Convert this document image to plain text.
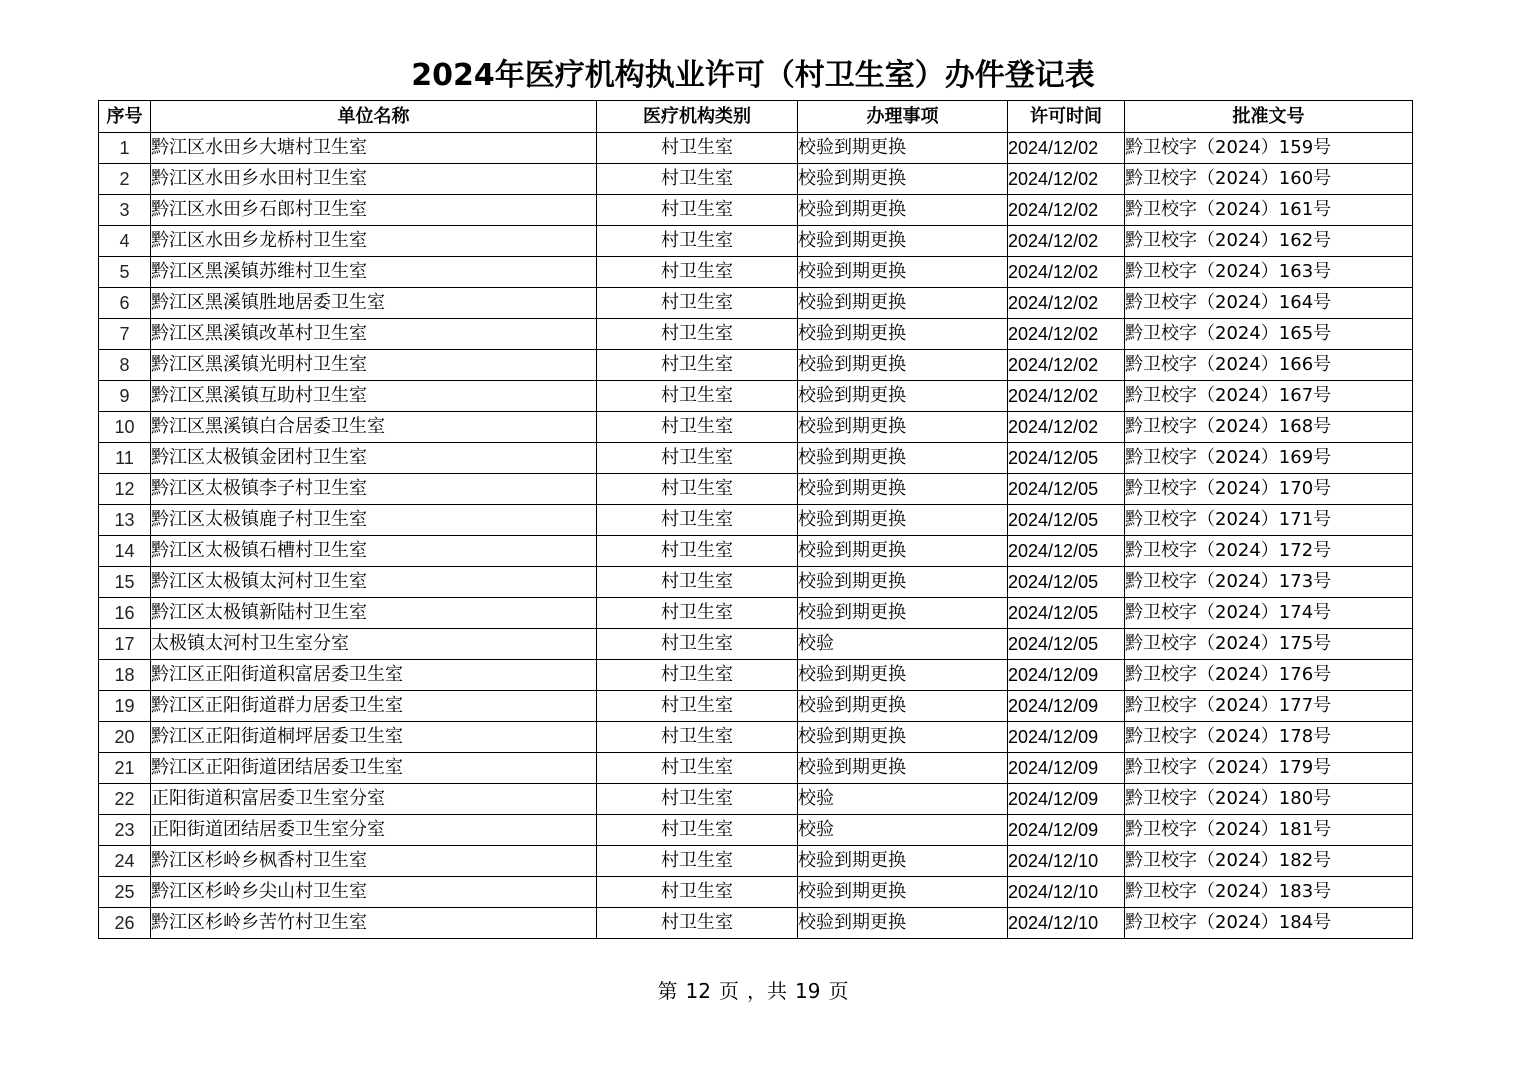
2024年医疗机构执业许可（村卫生室）办件登记表
序号	单位名称	医疗机构类别	办理事项	许可时间	批准文号
1	黔江区水田乡大塘村卫生室	村卫生室	校验到期更换	2024/12/02	黔卫校字（2024）159号
2	黔江区水田乡水田村卫生室	村卫生室	校验到期更换	2024/12/02	黔卫校字（2024）160号
3	黔江区水田乡石郎村卫生室	村卫生室	校验到期更换	2024/12/02	黔卫校字（2024）161号
4	黔江区水田乡龙桥村卫生室	村卫生室	校验到期更换	2024/12/02	黔卫校字（2024）162号
5	黔江区黑溪镇苏维村卫生室	村卫生室	校验到期更换	2024/12/02	黔卫校字（2024）163号
6	黔江区黑溪镇胜地居委卫生室	村卫生室	校验到期更换	2024/12/02	黔卫校字（2024）164号
7	黔江区黑溪镇改革村卫生室	村卫生室	校验到期更换	2024/12/02	黔卫校字（2024）165号
8	黔江区黑溪镇光明村卫生室	村卫生室	校验到期更换	2024/12/02	黔卫校字（2024）166号
9	黔江区黑溪镇互助村卫生室	村卫生室	校验到期更换	2024/12/02	黔卫校字（2024）167号
10	黔江区黑溪镇白合居委卫生室	村卫生室	校验到期更换	2024/12/02	黔卫校字（2024）168号
11	黔江区太极镇金团村卫生室	村卫生室	校验到期更换	2024/12/05	黔卫校字（2024）169号
12	黔江区太极镇李子村卫生室	村卫生室	校验到期更换	2024/12/05	黔卫校字（2024）170号
13	黔江区太极镇鹿子村卫生室	村卫生室	校验到期更换	2024/12/05	黔卫校字（2024）171号
14	黔江区太极镇石槽村卫生室	村卫生室	校验到期更换	2024/12/05	黔卫校字（2024）172号
15	黔江区太极镇太河村卫生室	村卫生室	校验到期更换	2024/12/05	黔卫校字（2024）173号
16	黔江区太极镇新陆村卫生室	村卫生室	校验到期更换	2024/12/05	黔卫校字（2024）174号
17	太极镇太河村卫生室分室	村卫生室	校验	2024/12/05	黔卫校字（2024）175号
18	黔江区正阳街道积富居委卫生室	村卫生室	校验到期更换	2024/12/09	黔卫校字（2024）176号
19	黔江区正阳街道群力居委卫生室	村卫生室	校验到期更换	2024/12/09	黔卫校字（2024）177号
20	黔江区正阳街道桐坪居委卫生室	村卫生室	校验到期更换	2024/12/09	黔卫校字（2024）178号
21	黔江区正阳街道团结居委卫生室	村卫生室	校验到期更换	2024/12/09	黔卫校字（2024）179号
22	正阳街道积富居委卫生室分室	村卫生室	校验	2024/12/09	黔卫校字（2024）180号
23	正阳街道团结居委卫生室分室	村卫生室	校验	2024/12/09	黔卫校字（2024）181号
24	黔江区杉岭乡枫香村卫生室	村卫生室	校验到期更换	2024/12/10	黔卫校字（2024）182号
25	黔江区杉岭乡尖山村卫生室	村卫生室	校验到期更换	2024/12/10	黔卫校字（2024）183号
26	黔江区杉岭乡苦竹村卫生室	村卫生室	校验到期更换	2024/12/10	黔卫校字（2024）184号
第 12 页 ，共 19 页
